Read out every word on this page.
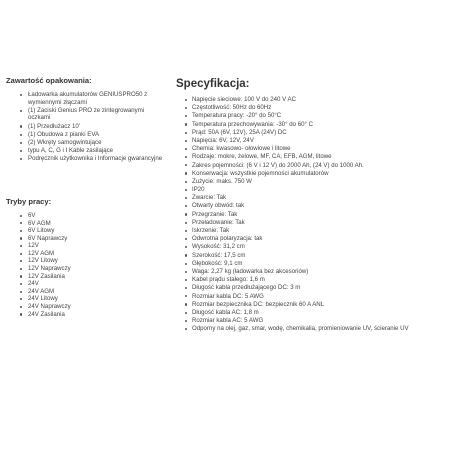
Zawartość opakowania:
Ładowarka akumulatorów GENIUSPRO50 z wymiennymi złączami
(1) Zaciski Genius PRO ze zintegrowanymi oczkami
(1) Przedłużacz 10'
(1) Obudowa z pianki EVA
(2) Wkręty samogwintujące
typu A, C, G i I Kable zasilające
Podręcznik użytkownika i Informacje gwarancyjne
Tryby pracy:
6V
6V AGM
6V Litowy
6V Naprawczy
12V
12V AGM
12V Litowy
12V Naprawczy
12V Zasilania
24V
24V AGM
24V Litowy
24V Naprawczy
24V Zasilania
Specyfikacja:
Napięcie sieciowe: 100 V do 240 V AC
Częstotliwość: 50Hz do 60Hz
Temperatura pracy: -20° do 50°C
Temperatura przechowywania: -30° do 60° C
Prąd: 50A (6V, 12V), 25A (24V) DC
Napięcia: 6V, 12V, 24V
Chemia: kwasowo- ołowiowe i litowe
Rodzaje: mokre, żelowe, MF, CA, EFB, AGM, litowe
Zakres pojemności: (6 V i 12 V) do 2000 Ah, (24 V) do 1000 Ah.
Konserwacja: wszystkie pojemności akumulatorów
Zużycie: maks. 750 W
IP20
Zwarcie: Tak
Otwarty obwód: tak
Przegrzanie: Tak
Przeładowanie: Tak
Iskrzenie: Tak
Odwrotna polaryzacja: tak
Wysokość: 31,2 cm
Szerokość: 17,5 cm
Głębokość: 9,1 cm
Waga: 2,27 kg (ładowarka bez akcesoriów)
Kabel prądu stałego: 1,6 m
Długość kabla przedłużającego DC: 3 m
Rozmiar kabla DC: 5 AWG
Rozmiar bezpiecznika DC: bezpiecznik 60 A ANL
Długość kabla AC: 1,8 m
Rozmiar kabla AC: 5 AWG
Odporny na olej, gaz, smar, wodę, chemikalia, promieniowanie UV, ścieranie UV
